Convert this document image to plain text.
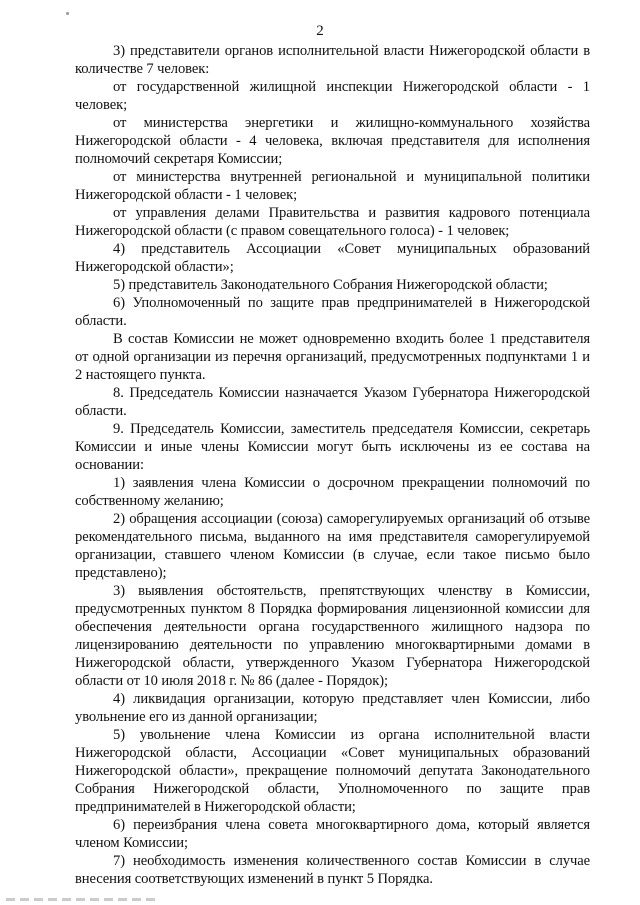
2

3) представители органов исполнительной власти Нижегородской области в количестве 7 человек:

от государственной жилищной инспекции Нижегородской области - 1 человек;

от министерства энергетики и жилищно-коммунального хозяйства Нижегородской области - 4 человека, включая представителя для исполнения полномочий секретаря Комиссии;

от министерства внутренней региональной и муниципальной политики Нижегородской области - 1 человек;

от управления делами Правительства и развития кадрового потенциала Нижегородской области (с правом совещательного голоса) - 1 человек;

4) представитель Ассоциации «Совет муниципальных образований Нижегородской области»;

5) представитель Законодательного Собрания Нижегородской области;

6) Уполномоченный по защите прав предпринимателей в Нижегородской области.

В состав Комиссии не может одновременно входить более 1 представителя от одной организации из перечня организаций, предусмотренных подпунктами 1 и 2 настоящего пункта.

8. Председатель Комиссии назначается Указом Губернатора Нижегородской области.

9. Председатель Комиссии, заместитель председателя Комиссии, секретарь Комиссии и иные члены Комиссии могут быть исключены из ее состава на основании:

1) заявления члена Комиссии о досрочном прекращении полномочий по собственному желанию;

2) обращения ассоциации (союза) саморегулируемых организаций об отзыве рекомендательного письма, выданного на имя представителя саморегулируемой организации, ставшего членом Комиссии (в случае, если такое письмо было представлено);

3) выявления обстоятельств, препятствующих членству в Комиссии, предусмотренных пунктом 8 Порядка формирования лицензионной комиссии для обеспечения деятельности органа государственного жилищного надзора по лицензированию деятельности по управлению многоквартирными домами в Нижегородской области, утвержденного Указом Губернатора Нижегородской области от 10 июля 2018 г. № 86 (далее - Порядок);

4) ликвидация организации, которую представляет член Комиссии, либо увольнение его из данной организации;

5) увольнение члена Комиссии из органа исполнительной власти Нижегородской области, Ассоциации «Совет муниципальных образований Нижегородской области», прекращение полномочий депутата Законодательного Собрания Нижегородской области, Уполномоченного по защите прав предпринимателей в Нижегородской области;

6) переизбрания члена совета многоквартирного дома, который является членом Комиссии;

7) необходимость изменения количественного состав Комиссии в случае внесения соответствующих изменений в пункт 5 Порядка.
